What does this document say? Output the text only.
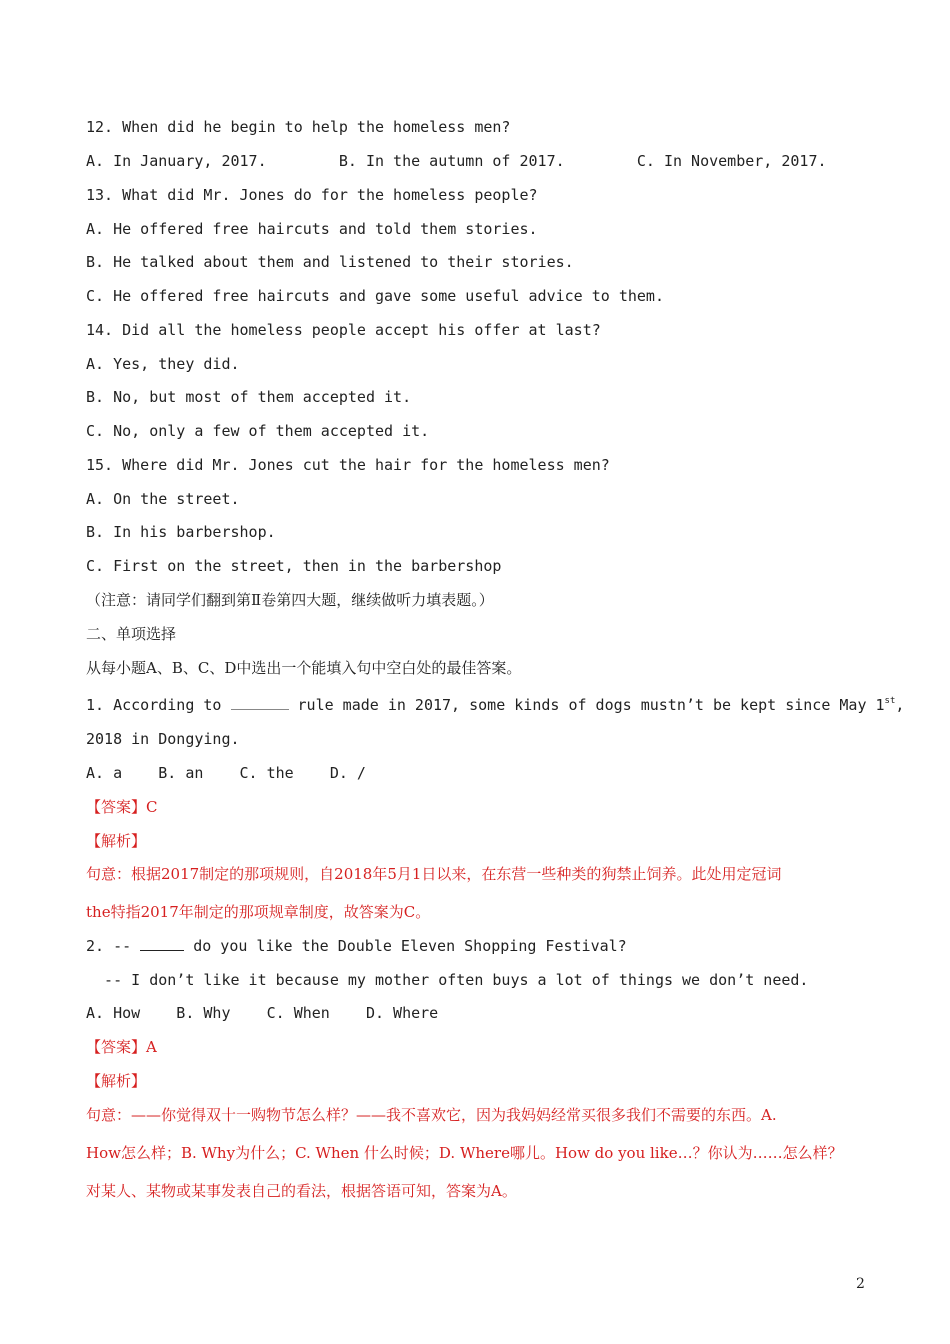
12. When did he begin to help the homeless men?
A. In January, 2017.        B. In the autumn of 2017.        C. In November, 2017.
13. What did Mr. Jones do for the homeless people?
A. He offered free haircuts and told them stories.
B. He talked about them and listened to their stories.
C. He offered free haircuts and gave some useful advice to them.
14. Did all the homeless people accept his offer at last?
A. Yes, they did.
B. No, but most of them accepted it.
C. No, only a few of them accepted it.
15. Where did Mr. Jones cut the hair for the homeless men?
A. On the street.
B. In his barbershop.
C. First on the street, then in the barbershop
（注意：请同学们翻到第Ⅱ卷第四大题，继续做听力填表题。）
二、单项选择
从每小题A、B、C、D中选出一个能填入句中空白处的最佳答案。
1. According to	rule made in 2017, some kinds of dogs mustn’t be kept since May 1st,
2018 in Dongying.
A. a    B. an    C. the    D. /
【答案】C
【解析】
句意：根据2017制定的那项规则，自2018年5月1日以来，在东营一些种类的狗禁止饲养。此处用定冠词
the特指2017年制定的那项规章制度，故答案为C。
2. --	do you like the Double Eleven Shopping Festival?
-- I don’t like it because my mother often buys a lot of things we don’t need.
A. How    B. Why    C. When    D. Where
【答案】A
【解析】
句意：——你觉得双十一购物节怎么样？——我不喜欢它，因为我妈妈经常买很多我们不需要的东西。A.
How怎么样；B. Why为什么；C. When 什么时候；D. Where哪儿。How do you like…？你认为……怎么样？
对某人、某物或某事发表自己的看法，根据答语可知，答案为A。
2
